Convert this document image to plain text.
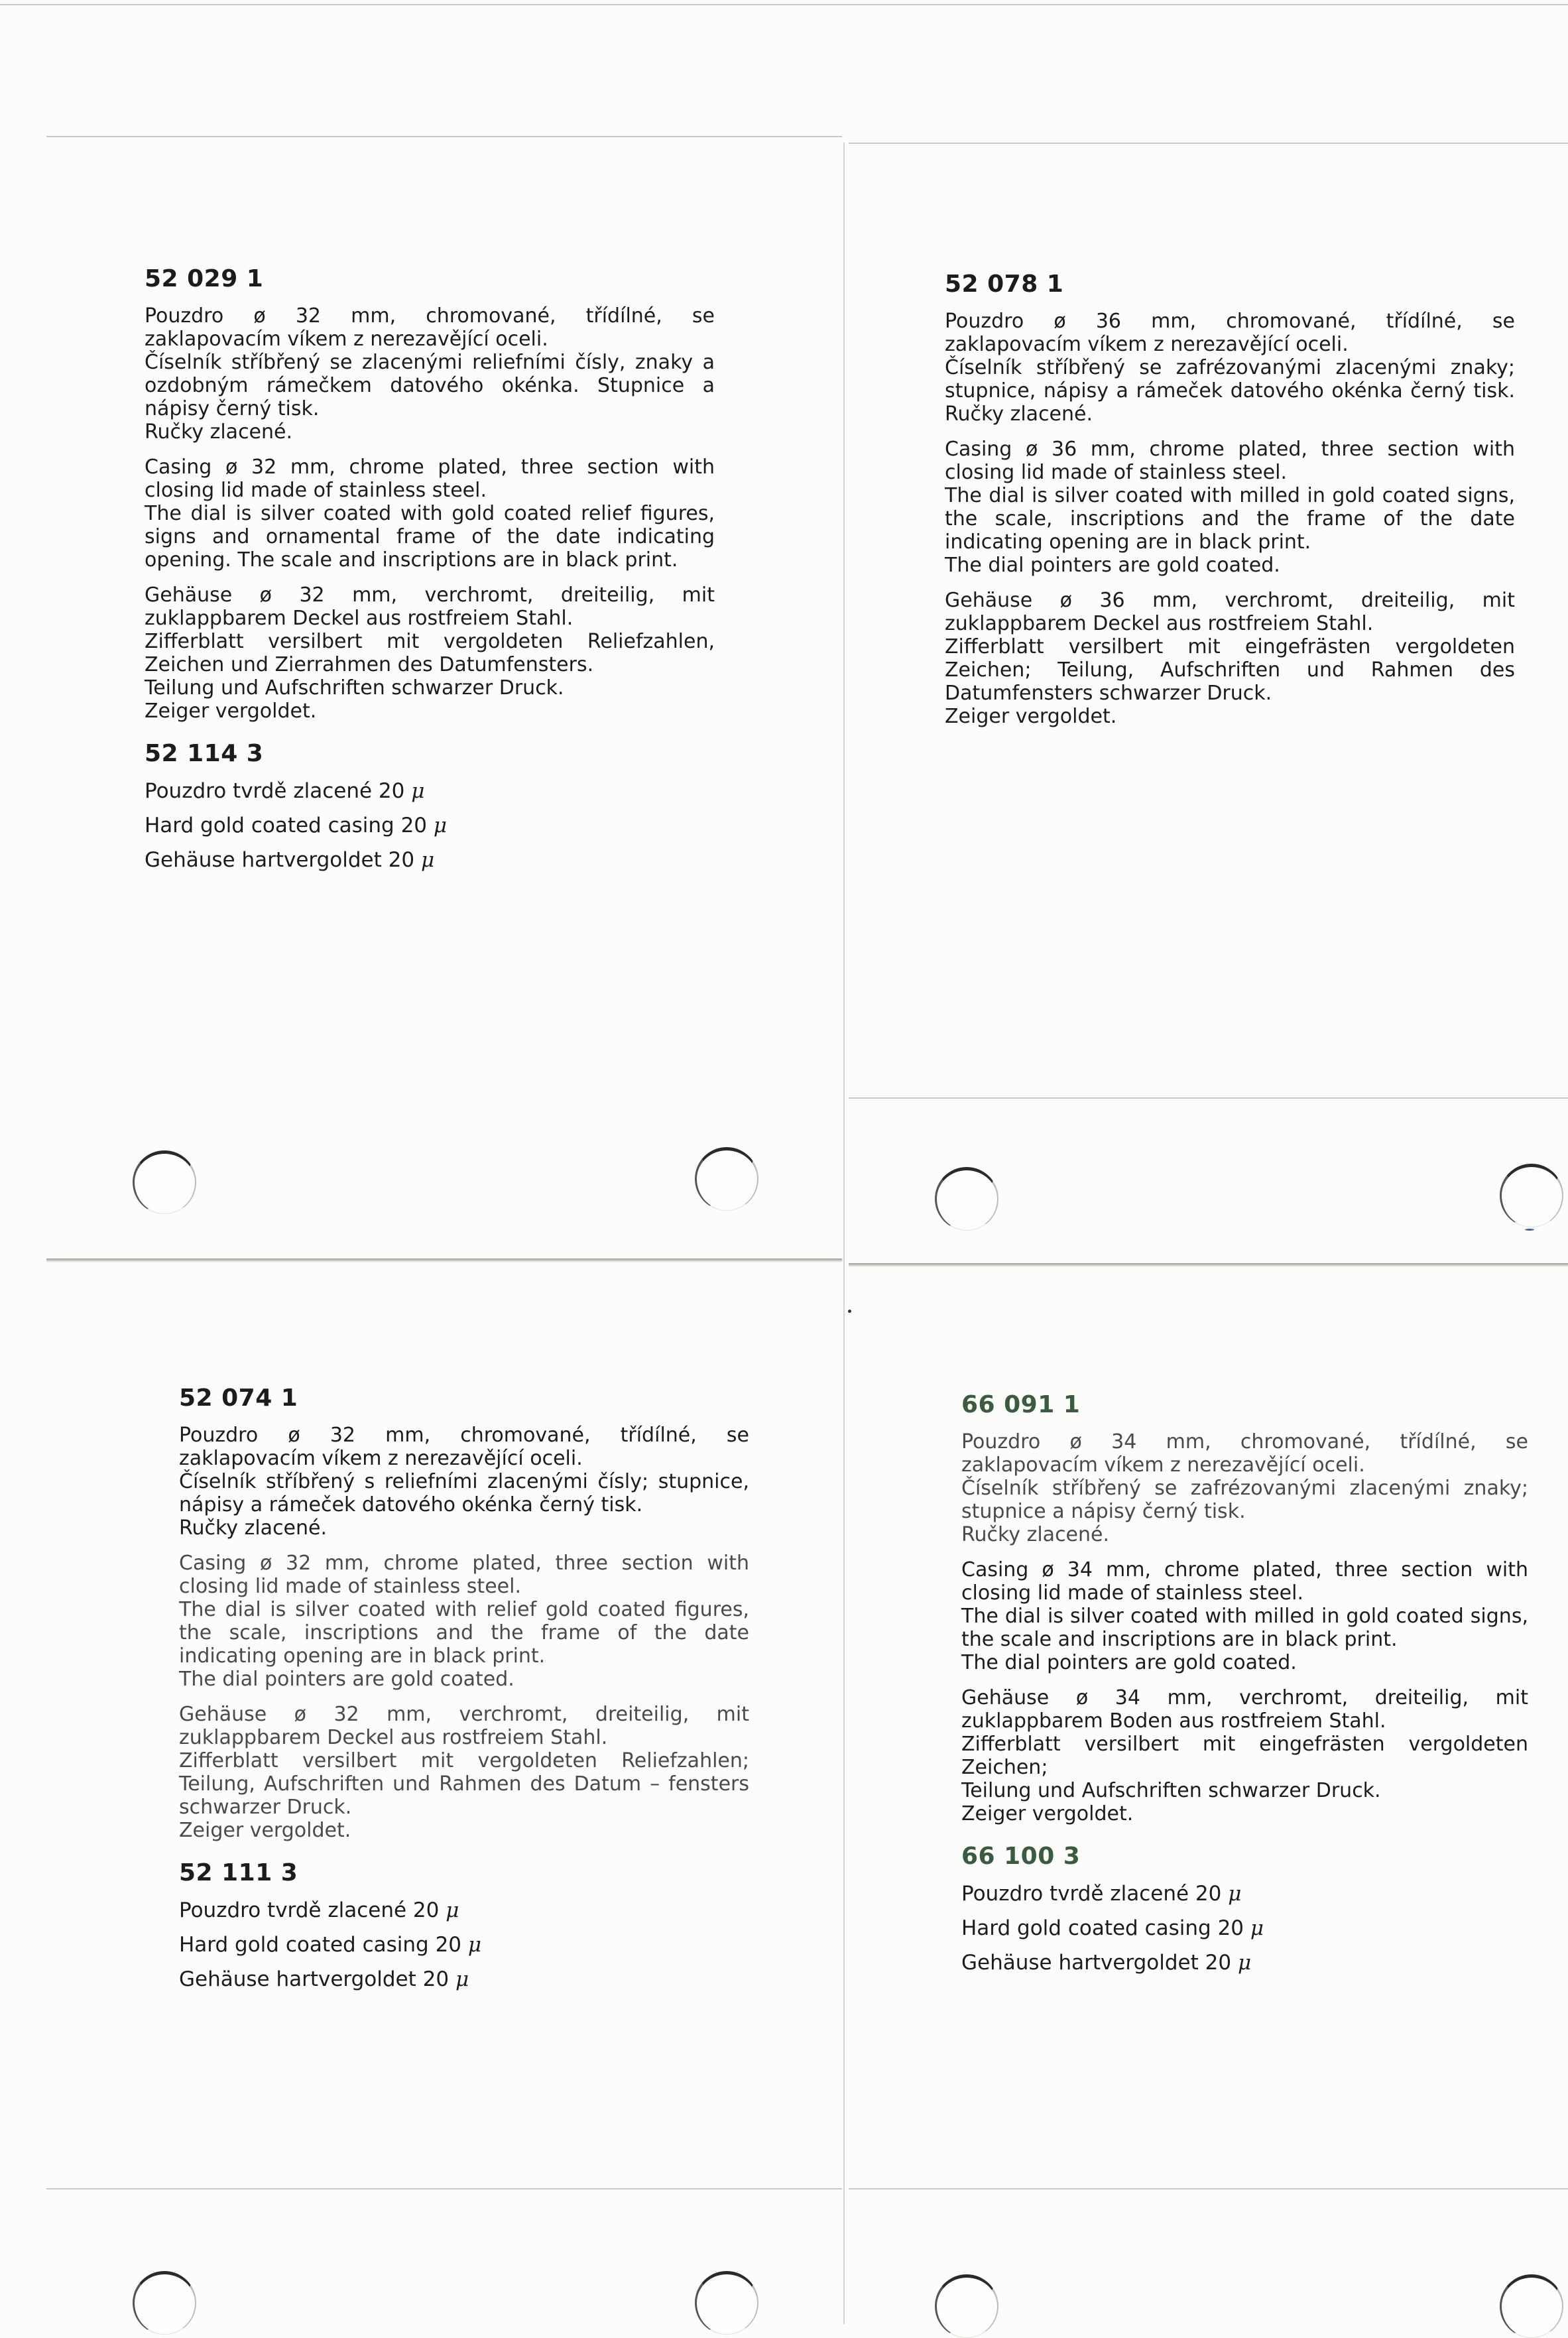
52 029 1
Pouzdro ø 32 mm, chromované, třídílné, se zaklapovacím víkem z nerezavějící oceli.
Číselník stříbřený se zlacenými reliefními čísly, znaky a ozdobným rámečkem datového okénka. Stupnice a nápisy černý tisk.
Ručky zlacené.
Casing ø 32 mm, chrome plated, three section with closing lid made of stainless steel.
The dial is silver coated with gold coated relief figures, signs and ornamental frame of the date indicating opening. The scale and inscriptions are in black print.
Gehäuse ø 32 mm, verchromt, dreiteilig, mit zuklappbarem Deckel aus rostfreiem Stahl.
Zifferblatt versilbert mit vergoldeten Reliefzahlen, Zeichen und Zierrahmen des Datumfensters.
Teilung und Aufschriften schwarzer Druck.
Zeiger vergoldet.
52 114 3
Pouzdro tvrdě zlacené 20 μ
Hard gold coated casing 20 μ
Gehäuse hartvergoldet 20 μ
52 078 1
Pouzdro ø 36 mm, chromované, třídílné, se zaklapovacím víkem z nerezavějící oceli.
Číselník stříbřený se zafrézovanými zlacenými znaky; stupnice, nápisy a rámeček datového okénka černý tisk. Ručky zlacené.
Casing ø 36 mm, chrome plated, three section with closing lid made of stainless steel.
The dial is silver coated with milled in gold coated signs, the scale, inscriptions and the frame of the date indicating opening are in black print.
The dial pointers are gold coated.
Gehäuse ø 36 mm, verchromt, dreiteilig, mit zuklappbarem Deckel aus rostfreiem Stahl.
Zifferblatt versilbert mit eingefrästen vergoldeten Zeichen; Teilung, Aufschriften und Rahmen des Datumfensters schwarzer Druck.
Zeiger vergoldet.
52 074 1
Pouzdro ø 32 mm, chromované, třídílné, se zaklapovacím víkem z nerezavějící oceli.
Číselník stříbřený s reliefními zlacenými čísly; stupnice, nápisy a rámeček datového okénka černý tisk.
Ručky zlacené.
Casing ø 32 mm, chrome plated, three section with closing lid made of stainless steel.
The dial is silver coated with relief gold coated figures, the scale, inscriptions and the frame of the date indicating opening are in black print.
The dial pointers are gold coated.
Gehäuse ø 32 mm, verchromt, dreiteilig, mit zuklappbarem Deckel aus rostfreiem Stahl.
Zifferblatt versilbert mit vergoldeten Reliefzahlen; Teilung, Aufschriften und Rahmen des Datum – fensters schwarzer Druck.
Zeiger vergoldet.
52 111 3
Pouzdro tvrdě zlacené 20 μ
Hard gold coated casing 20 μ
Gehäuse hartvergoldet 20 μ
66 091 1
Pouzdro ø 34 mm, chromované, třídílné, se zaklapovacím víkem z nerezavějící oceli.
Číselník stříbřený se zafrézovanými zlacenými znaky; stupnice a nápisy černý tisk.
Ručky zlacené.
Casing ø 34 mm, chrome plated, three section with closing lid made of stainless steel.
The dial is silver coated with milled in gold coated signs, the scale and inscriptions are in black print.
The dial pointers are gold coated.
Gehäuse ø 34 mm, verchromt, dreiteilig, mit zuklappbarem Boden aus rostfreiem Stahl.
Zifferblatt versilbert mit eingefrästen vergoldeten Zeichen;
Teilung und Aufschriften schwarzer Druck.
Zeiger vergoldet.
66 100 3
Pouzdro tvrdě zlacené 20 μ
Hard gold coated casing 20 μ
Gehäuse hartvergoldet 20 μ
